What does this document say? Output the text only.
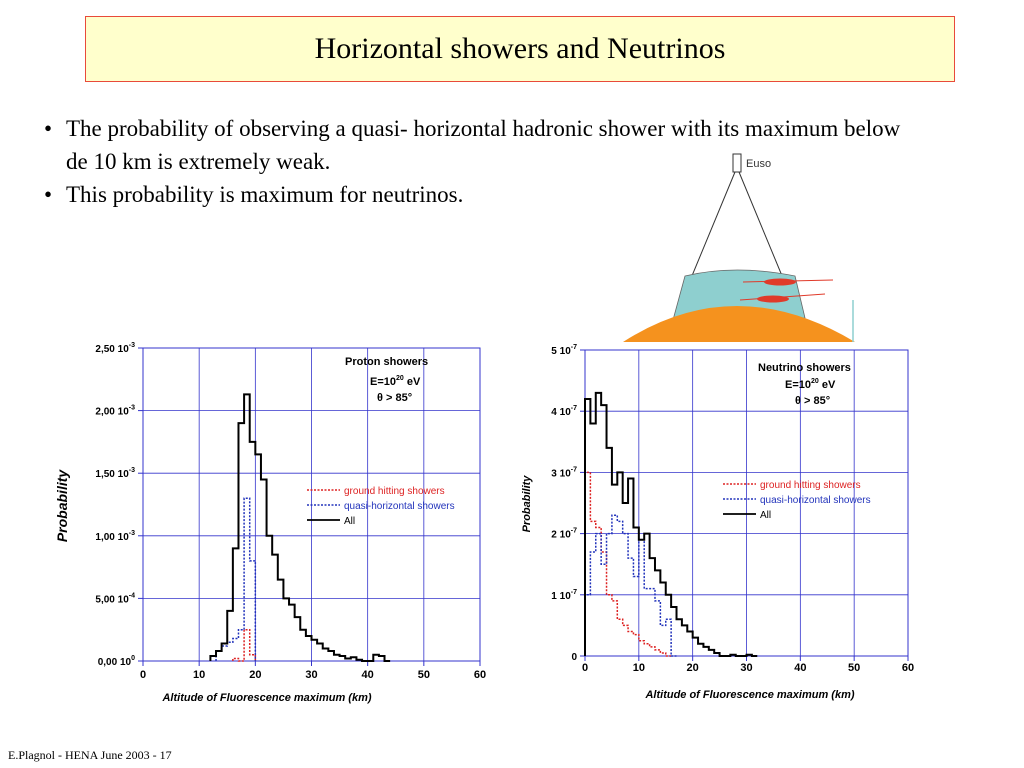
Horizontal showers and Neutrinos
• The probability of observing a quasi- horizontal hadronic shower with its maximum below de 10 km is extremely weak.
• This probability is maximum for neutrinos.
Euso
0	10	20	30	40	50	60
0,00 $10^0$
5,00 $10^{-4}$
1,00 $10^{-3}$
1,50 $10^{-3}$
2,00 $10^{-3}$
2,50 $10^{-3}$
Proton showers
$E=10^{20}$ eV
θ > 85°
ground hitting showers
quasi-horizontal showers
All
Altitude of Fluorescence maximum (km)
Probability
0	10	20	30	40	50	60
0
1 $10^{-7}$
2 $10^{-7}$
3 $10^{-7}$
4 $10^{-7}$
5 $10^{-7}$
Neutrino showers
$E=10^{20}$ eV
θ > 85°
ground hitting showers
quasi-horizontal showers
All
Altitude of Fluorescence maximum (km)
Probability
E.Plagnol - HENA June 2003 - 17
